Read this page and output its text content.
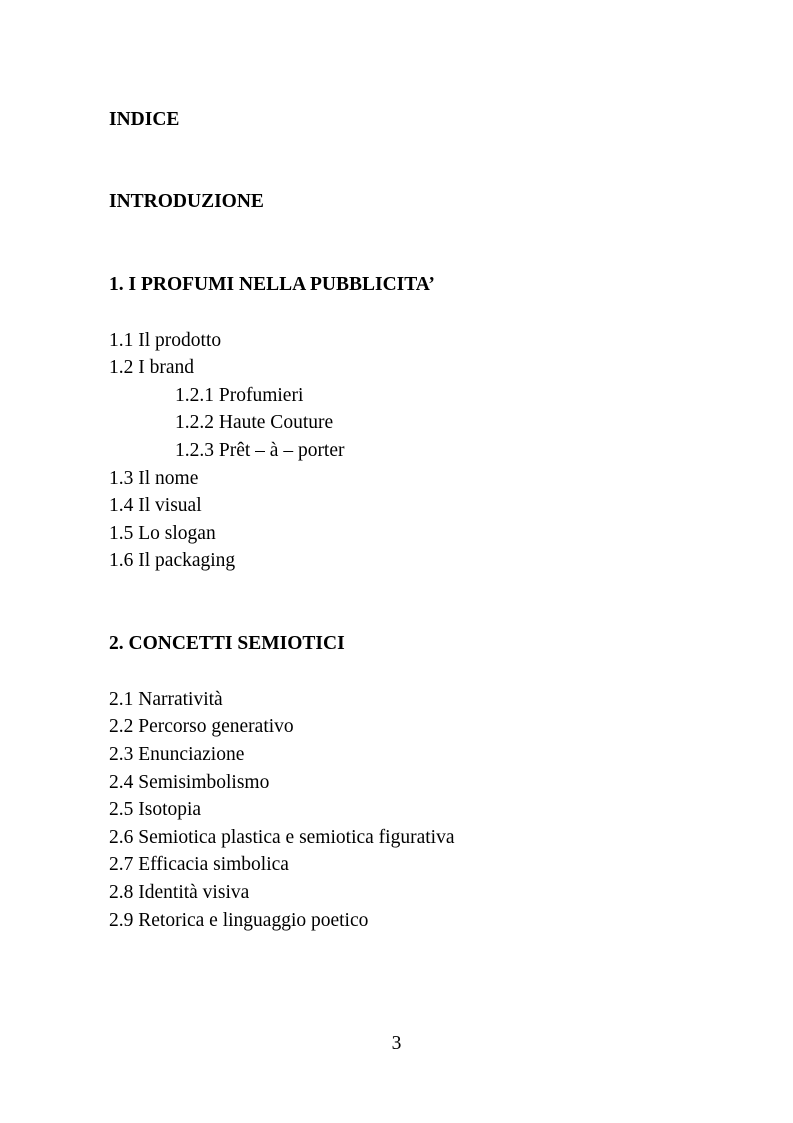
INDICE
INTRODUZIONE
1. I PROFUMI NELLA PUBBLICITA’
1.1 Il prodotto
1.2 I brand
1.2.1 Profumieri
1.2.2 Haute Couture
1.2.3 Prêt – à – porter
1.3 Il nome
1.4 Il visual
1.5 Lo slogan
1.6 Il packaging
2. CONCETTI SEMIOTICI
2.1 Narratività
2.2 Percorso generativo
2.3 Enunciazione
2.4 Semisimbolismo
2.5 Isotopia
2.6 Semiotica plastica e semiotica figurativa
2.7 Efficacia simbolica
2.8 Identità visiva
2.9 Retorica e linguaggio poetico
3
